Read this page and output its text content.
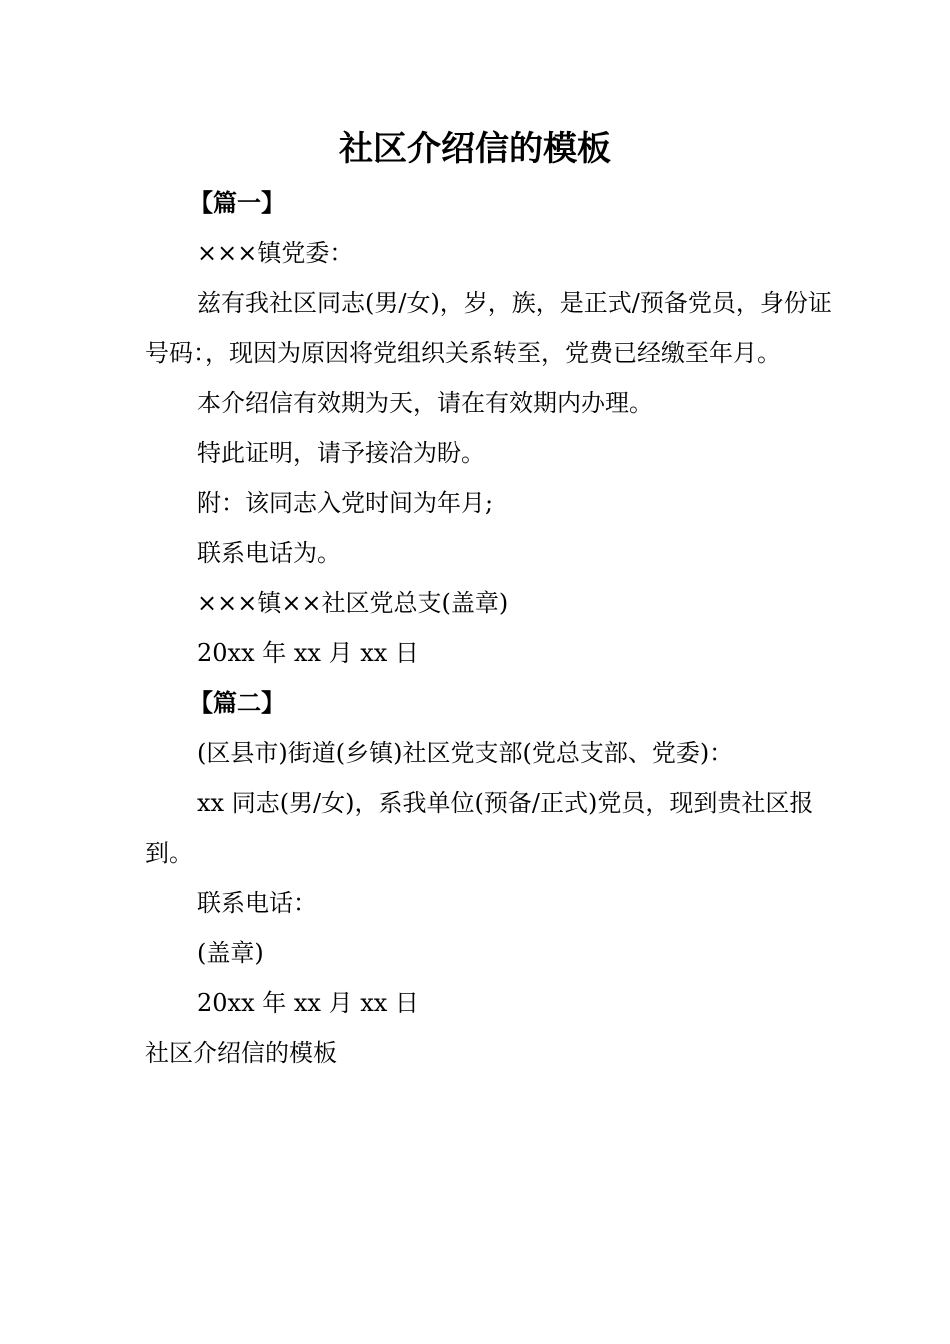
社区介绍信的模板

【篇一】

×××镇党委：

兹有我社区同志(男/女)，岁，族，是正式/预备党员，身份证号码：，现因为原因将党组织关系转至，党费已经缴至年月。

本介绍信有效期为天，请在有效期内办理。

特此证明，请予接洽为盼。

附：该同志入党时间为年月;

联系电话为。

×××镇××社区党总支(盖章)

20xx 年 xx 月 xx 日

【篇二】

(区县市)街道(乡镇)社区党支部(党总支部、党委)：

xx 同志(男/女)，系我单位(预备/正式)党员，现到贵社区报到。

联系电话：

(盖章)

20xx 年 xx 月 xx 日

社区介绍信的模板
